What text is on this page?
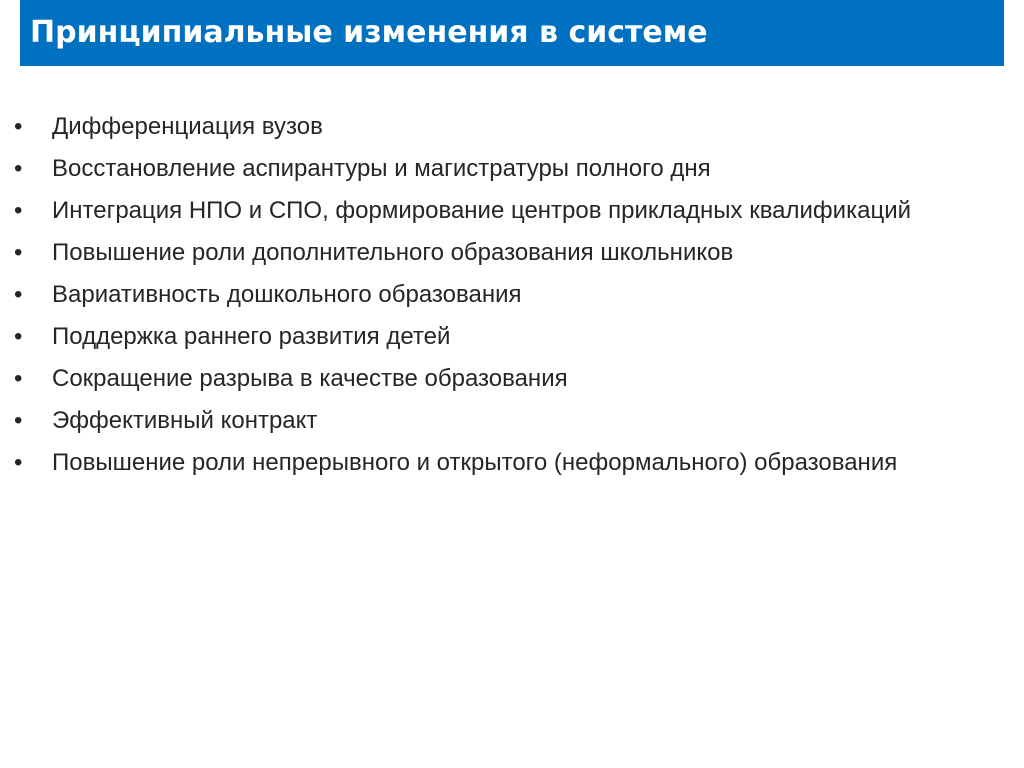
Принципиальные изменения в системе
•	Дифференциация вузов
•	Восстановление аспирантуры и магистратуры полного дня
•	Интеграция НПО и СПО, формирование центров прикладных квалификаций
•	Повышение роли дополнительного образования школьников
•	Вариативность дошкольного образования
•	Поддержка раннего развития детей
•	Сокращение разрыва в качестве образования
•	Эффективный контракт
•	Повышение роли непрерывного и открытого (неформального) образования
